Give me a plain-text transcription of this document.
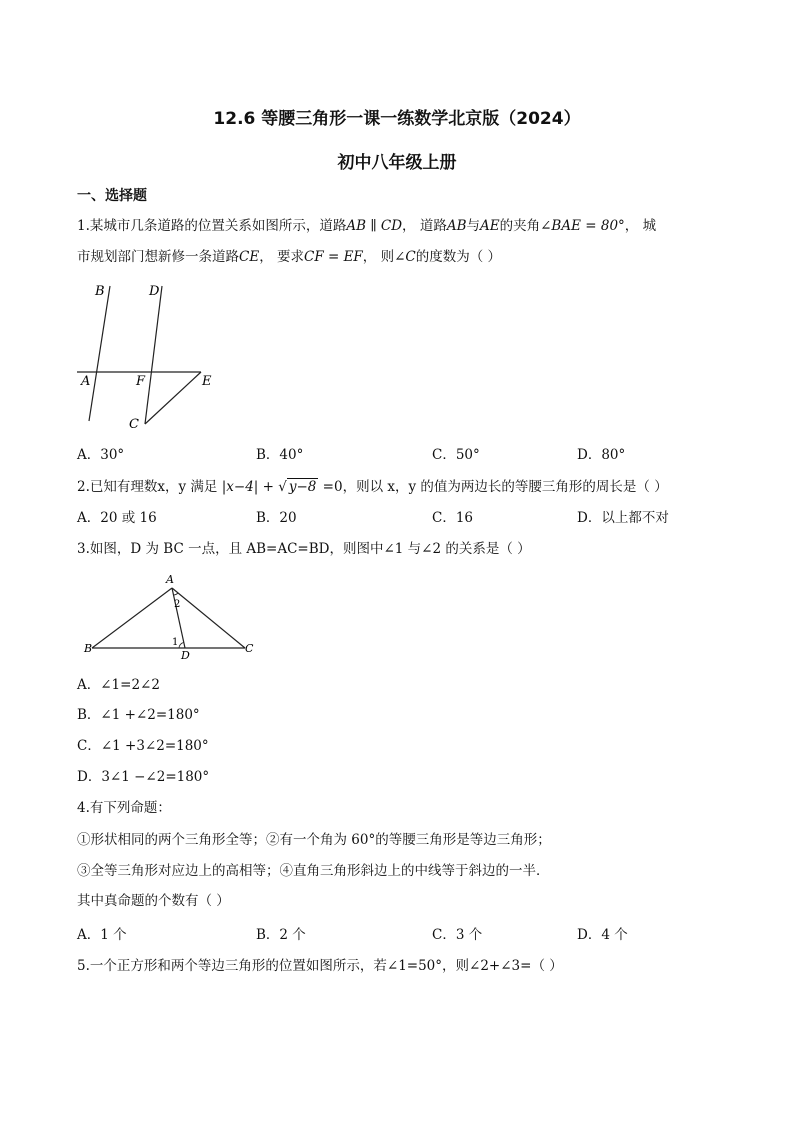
12.6 等腰三角形一课一练数学北京版（2024）
初中八年级上册
一、选择题
1.某城市几条道路的位置关系如图所示，道路AB ∥ CD， 道路AB与AE的夹角∠BAE = 80°， 城
市规划部门想新修一条道路CE， 要求CF = EF， 则∠C的度数为（ ）
B	D
A	F	E
C
A．30°	B．40°	C．50°	D．80°
2.已知有理数x，y 满足 |x−4| + √ y−8 =0，则以 x，y 的值为两边长的等腰三角形的周长是（ ）
A．20 或 16	B．20	C．16	D．以上都不对
3.如图，D 为 BC 一点，且 AB=AC=BD，则图中∠1 与∠2 的关系是（ ）
A
B	C
D
1
2
A．∠1=2∠2
B．∠1 +∠2=180°
C．∠1 +3∠2=180°
D．3∠1 −∠2=180°
4.有下列命题：
①形状相同的两个三角形全等；②有一个角为 60°的等腰三角形是等边三角形；
③全等三角形对应边上的高相等；④直角三角形斜边上的中线等于斜边的一半．
其中真命题的个数有（ ）
A．1 个	B．2 个	C．3 个	D．4 个
5.一个正方形和两个等边三角形的位置如图所示，若∠1=50°，则∠2+∠3=（ ）
